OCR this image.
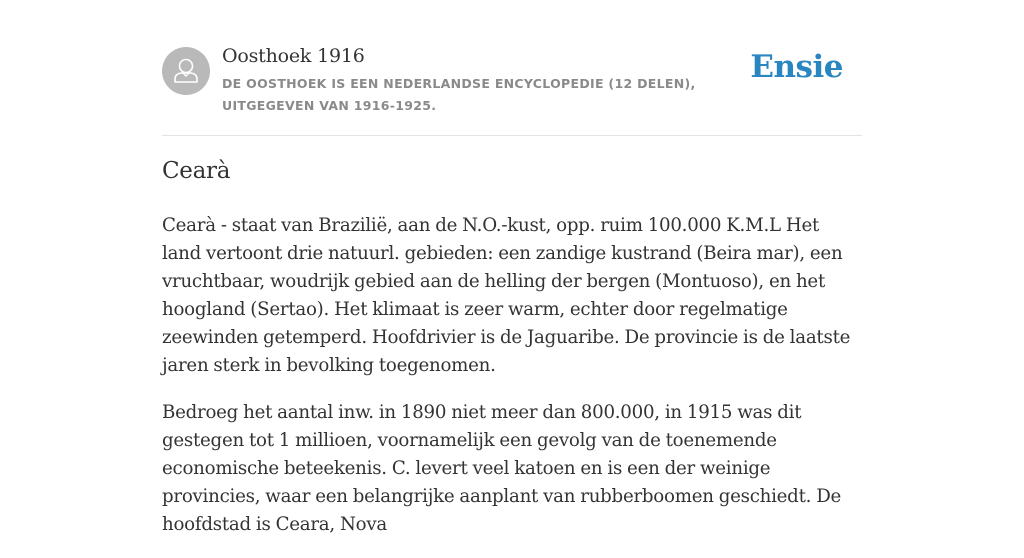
Oosthoek 1916
DE OOSTHOEK IS EEN NEDERLANDSE ENCYCLOPEDIE (12 DELEN), UITGEGEVEN VAN 1916-1925.
Ensie
Cearà

Cearà - staat van Brazilië, aan de N.O.-kust, opp. ruim 100.000 K.M.L Het land vertoont drie natuurl. gebieden: een zandige kustrand (Beira mar), een vruchtbaar, woudrijk gebied aan de helling der bergen (Montuoso), en het hoogland (Sertao). Het klimaat is zeer warm, echter door regelmatige zeewinden getemperd. Hoofdrivier is de Jaguaribe. De provincie is de laatste jaren sterk in bevolking toegenomen.

Bedroeg het aantal inw. in 1890 niet meer dan 800.000, in 1915 was dit gestegen tot 1 millioen, voornamelijk een gevolg van de toenemende economische beteekenis. C. levert veel katoen en is een der weinige provincies, waar een belangrijke aanplant van rubberboomen geschiedt. De hoofdstad is Ceara, Nova
